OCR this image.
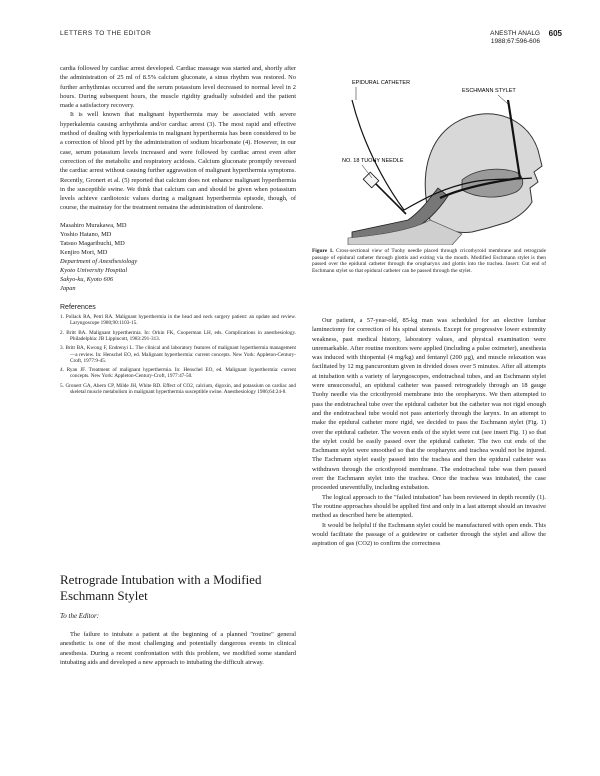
LETTERS TO THE EDITOR	ANESTH ANALG
1988;67:596-606
605

cardia followed by cardiac arrest developed. Cardiac massage was started and, shortly after the administration of 25 ml of 8.5% calcium gluconate, a sinus rhythm was restored. No further arrhythmias occurred and the serum potassium level decreased to normal level in 2 hours. During subsequent hours, the muscle rigidity gradually subsided and the patient made a satisfactory recovery.

It is well known that malignant hyperthermia may be associated with severe hyperkalemia causing arrhythmia and/or cardiac arrest (3). The most rapid and effective method of dealing with hyperkalemia in malignant hyperthermia has been considered to be a correction of blood pH by the administration of sodium bicarbonate (4). However, in our case, serum potassium levels increased and were followed by cardiac arrest even after correction of the metabolic and respiratory acidosis. Calcium gluconate promptly reversed the cardiac arrest without causing further aggravation of malignant hyperthermia symptoms. Recently, Gronert et al. (5) reported that calcium does not enhance malignant hyperthermia in the susceptible swine. We think that calcium can and should be given when potassium levels achieve cardiotoxic values during a malignant hyperthermia episode, though, of course, the mainstay for the treatment remains the administration of dantrolene.

Masahiro Murakawa, MD
Yoshio Hatano, MD
Tatsuo Magaribuchi, MD
Kenjiro Mori, MD
Department of Anesthesiology
Kyoto University Hospital
Sakyo-ku, Kyoto 606
Japan

References

1. Pollack RA, Petri RA. Malignant hyperthermia in the head and neck surgery patient: an update and review. Laryngoscope 1980;90:1103-15.
2. Britt BA. Malignant hyperthermia. In: Orkin FK, Cooperman LH, eds. Complications in anesthesiology. Philadelphia: JB Lippincott, 1983:291-313.
3. Britt BA, Kwong F, Endrenyi L. The clinical and laboratory features of malignant hyperthermia management—a review. In: Henschel EO, ed. Malignant hyperthermia: current concepts. New York: Appleton-Century-Croft, 1977:9-45.
4. Ryan JF. Treatment of malignant hyperthermia. In: Henschel EO, ed. Malignant hyperthermia: current concepts. New York: Appleton-Century-Croft, 1977:47-50.
5. Gronert GA, Ahern CP, Milde JH, White RD. Effect of CO2, calcium, digoxin, and potassium on cardiac and skeletal muscle metabolism in malignant hyperthermia susceptible swine. Anesthesiology 1986;64:24-8.
Retrograde Intubation with a Modified Eschmann Stylet
To the Editor:

The failure to intubate a patient at the beginning of a planned "routine" general anesthetic is one of the most challenging and potentially dangerous events in clinical anesthesia. During a recent confrontation with this problem, we modified some standard intubating aids and developed a new approach to intubating the difficult airway.

EPIDURAL CATHETER
ESCHMANN STYLET
NO. 18 TUOHY NEEDLE
Figure 1. Cross-sectional view of Tuohy needle placed through cricothyroid membrane and retrograde passage of epidural catheter through glottis and exiting via the mouth. Modified Eschmann stylet is then passed over the epidural catheter through the oropharynx and glottis into the trachea. Insert: Cut end of Eschmann stylet so that epidural catheter can be passed through the stylet.

Our patient, a 57-year-old, 85-kg man was scheduled for an elective lumbar laminectomy for correction of his spinal stenosis. Except for progressive lower extremity weakness, past medical history, laboratory values, and physical examination were unremarkable. After routine monitors were applied (including a pulse oximeter), anesthesia was induced with thiopental (4 mg/kg) and fentanyl (200 µg), and muscle relaxation was facilitated by 12 mg pancuronium given in divided doses over 5 minutes. After all attempts at intubation with a variety of laryngoscopes, endotracheal tubes, and an Eschmann stylet were unsuccessful, an epidural catheter was passed retrogradely through an 18 gauge Tuohy needle via the cricothyroid membrane into the oropharynx. We then attempted to pass the endotracheal tube over the epidural catheter but the catheter was not rigid enough and the endotracheal tube would not pass anteriorly through the larynx. In an attempt to make the epidural catheter more rigid, we decided to pass the Eschmann stylet (Fig. 1) over the epidural catheter. The woven ends of the stylet were cut (see insert Fig. 1) so that the stylet could be easily passed over the epidural catheter. The two cut ends of the Eschmann stylet were smoothed so that the oropharynx and trachea would not be injured. The Eschmann stylet easily passed into the trachea and then the epidural catheter was withdrawn through the cricothyroid membrane. The endotracheal tube was then passed over the Eschmann stylet into the trachea. Once the trachea was intubated, the case proceeded uneventfully, including extubation.

The logical approach to the "failed intubation" has been reviewed in depth recently (1). The routine approaches should be applied first and only in a last attempt should an invasive method as described here be attempted.

It would be helpful if the Eschmann stylet could be manufactured with open ends. This would facilitate the passage of a guidewire or catheter through the stylet and allow the aspiration of gas (CO2) to confirm the correctness
